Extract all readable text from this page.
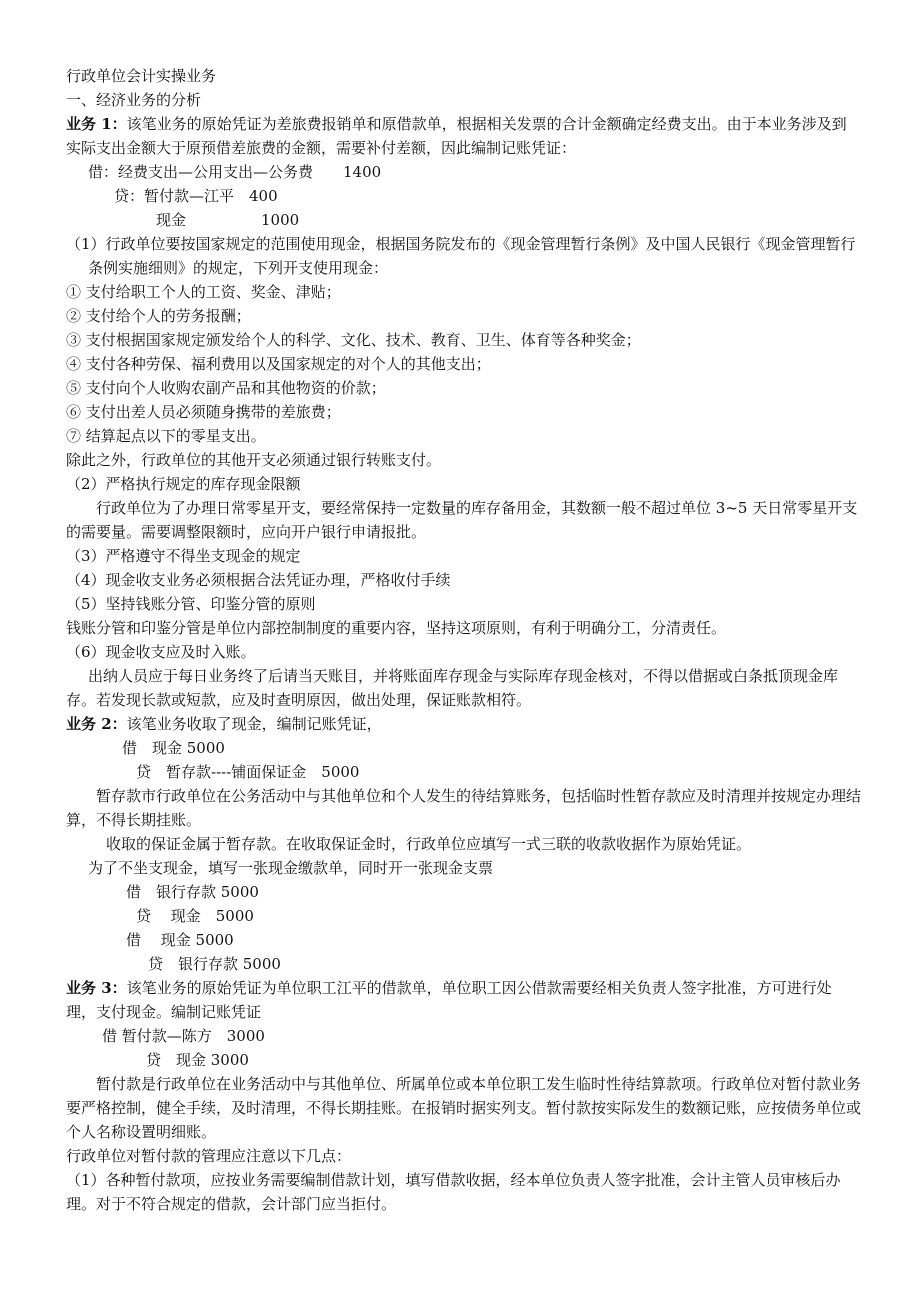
行政单位会计实操业务
一、经济业务的分析
业务 1：该笔业务的原始凭证为差旅费报销单和原借款单，根据相关发票的合计金额确定经费支出。由于本业务涉及到实际支出金额大于原预借差旅费的金额，需要补付差额，因此编制记账凭证：
借：经费支出—公用支出—公务费　　1400
贷：暂付款—江平　400
现金　　　　　1000
（1）行政单位要按国家规定的范围使用现金，根据国务院发布的《现金管理暂行条例》及中国人民银行《现金管理暂行条例实施细则》的规定，下列开支使用现金：
① 支付给职工个人的工资、奖金、津贴；
② 支付给个人的劳务报酬；
③ 支付根据国家规定颁发给个人的科学、文化、技术、教育、卫生、体育等各种奖金；
④ 支付各种劳保、福利费用以及国家规定的对个人的其他支出；
⑤ 支付向个人收购农副产品和其他物资的价款；
⑥ 支付出差人员必须随身携带的差旅费；
⑦ 结算起点以下的零星支出。
除此之外，行政单位的其他开支必须通过银行转账支付。
（2）严格执行规定的库存现金限额
行政单位为了办理日常零星开支，要经常保持一定数量的库存备用金，其数额一般不超过单位 3~5 天日常零星开支的需要量。需要调整限额时，应向开户银行申请报批。
（3）严格遵守不得坐支现金的规定
（4）现金收支业务必须根据合法凭证办理，严格收付手续
（5）坚持钱账分管、印鉴分管的原则
钱账分管和印鉴分管是单位内部控制制度的重要内容，坚持这项原则，有利于明确分工，分清责任。
（6）现金收支应及时入账。
出纳人员应于每日业务终了后请当天账目，并将账面库存现金与实际库存现金核对，不得以借据或白条抵顶现金库存。若发现长款或短款，应及时查明原因，做出处理，保证账款相符。
业务 2：该笔业务收取了现金，编制记账凭证，
借　现金 5000
贷　暂存款----铺面保证金　5000
暂存款市行政单位在公务活动中与其他单位和个人发生的待结算账务，包括临时性暂存款应及时清理并按规定办理结算，不得长期挂账。
收取的保证金属于暂存款。在收取保证金时，行政单位应填写一式三联的收款收据作为原始凭证。
为了不坐支现金，填写一张现金缴款单，同时开一张现金支票
借　银行存款 5000
贷　 现金　5000
借　 现金 5000
贷　银行存款 5000
业务 3：该笔业务的原始凭证为单位职工江平的借款单，单位职工因公借款需要经相关负责人签字批准，方可进行处理，支付现金。编制记账凭证
借 暂付款—陈方　3000
贷　现金 3000
暂付款是行政单位在业务活动中与其他单位、所属单位或本单位职工发生临时性待结算款项。行政单位对暂付款业务要严格控制，健全手续，及时清理，不得长期挂账。在报销时据实列支。暂付款按实际发生的数额记账，应按债务单位或个人名称设置明细账。
行政单位对暂付款的管理应注意以下几点：
（1）各种暂付款项，应按业务需要编制借款计划，填写借款收据，经本单位负责人签字批准，会计主管人员审核后办理。对于不符合规定的借款，会计部门应当拒付。
